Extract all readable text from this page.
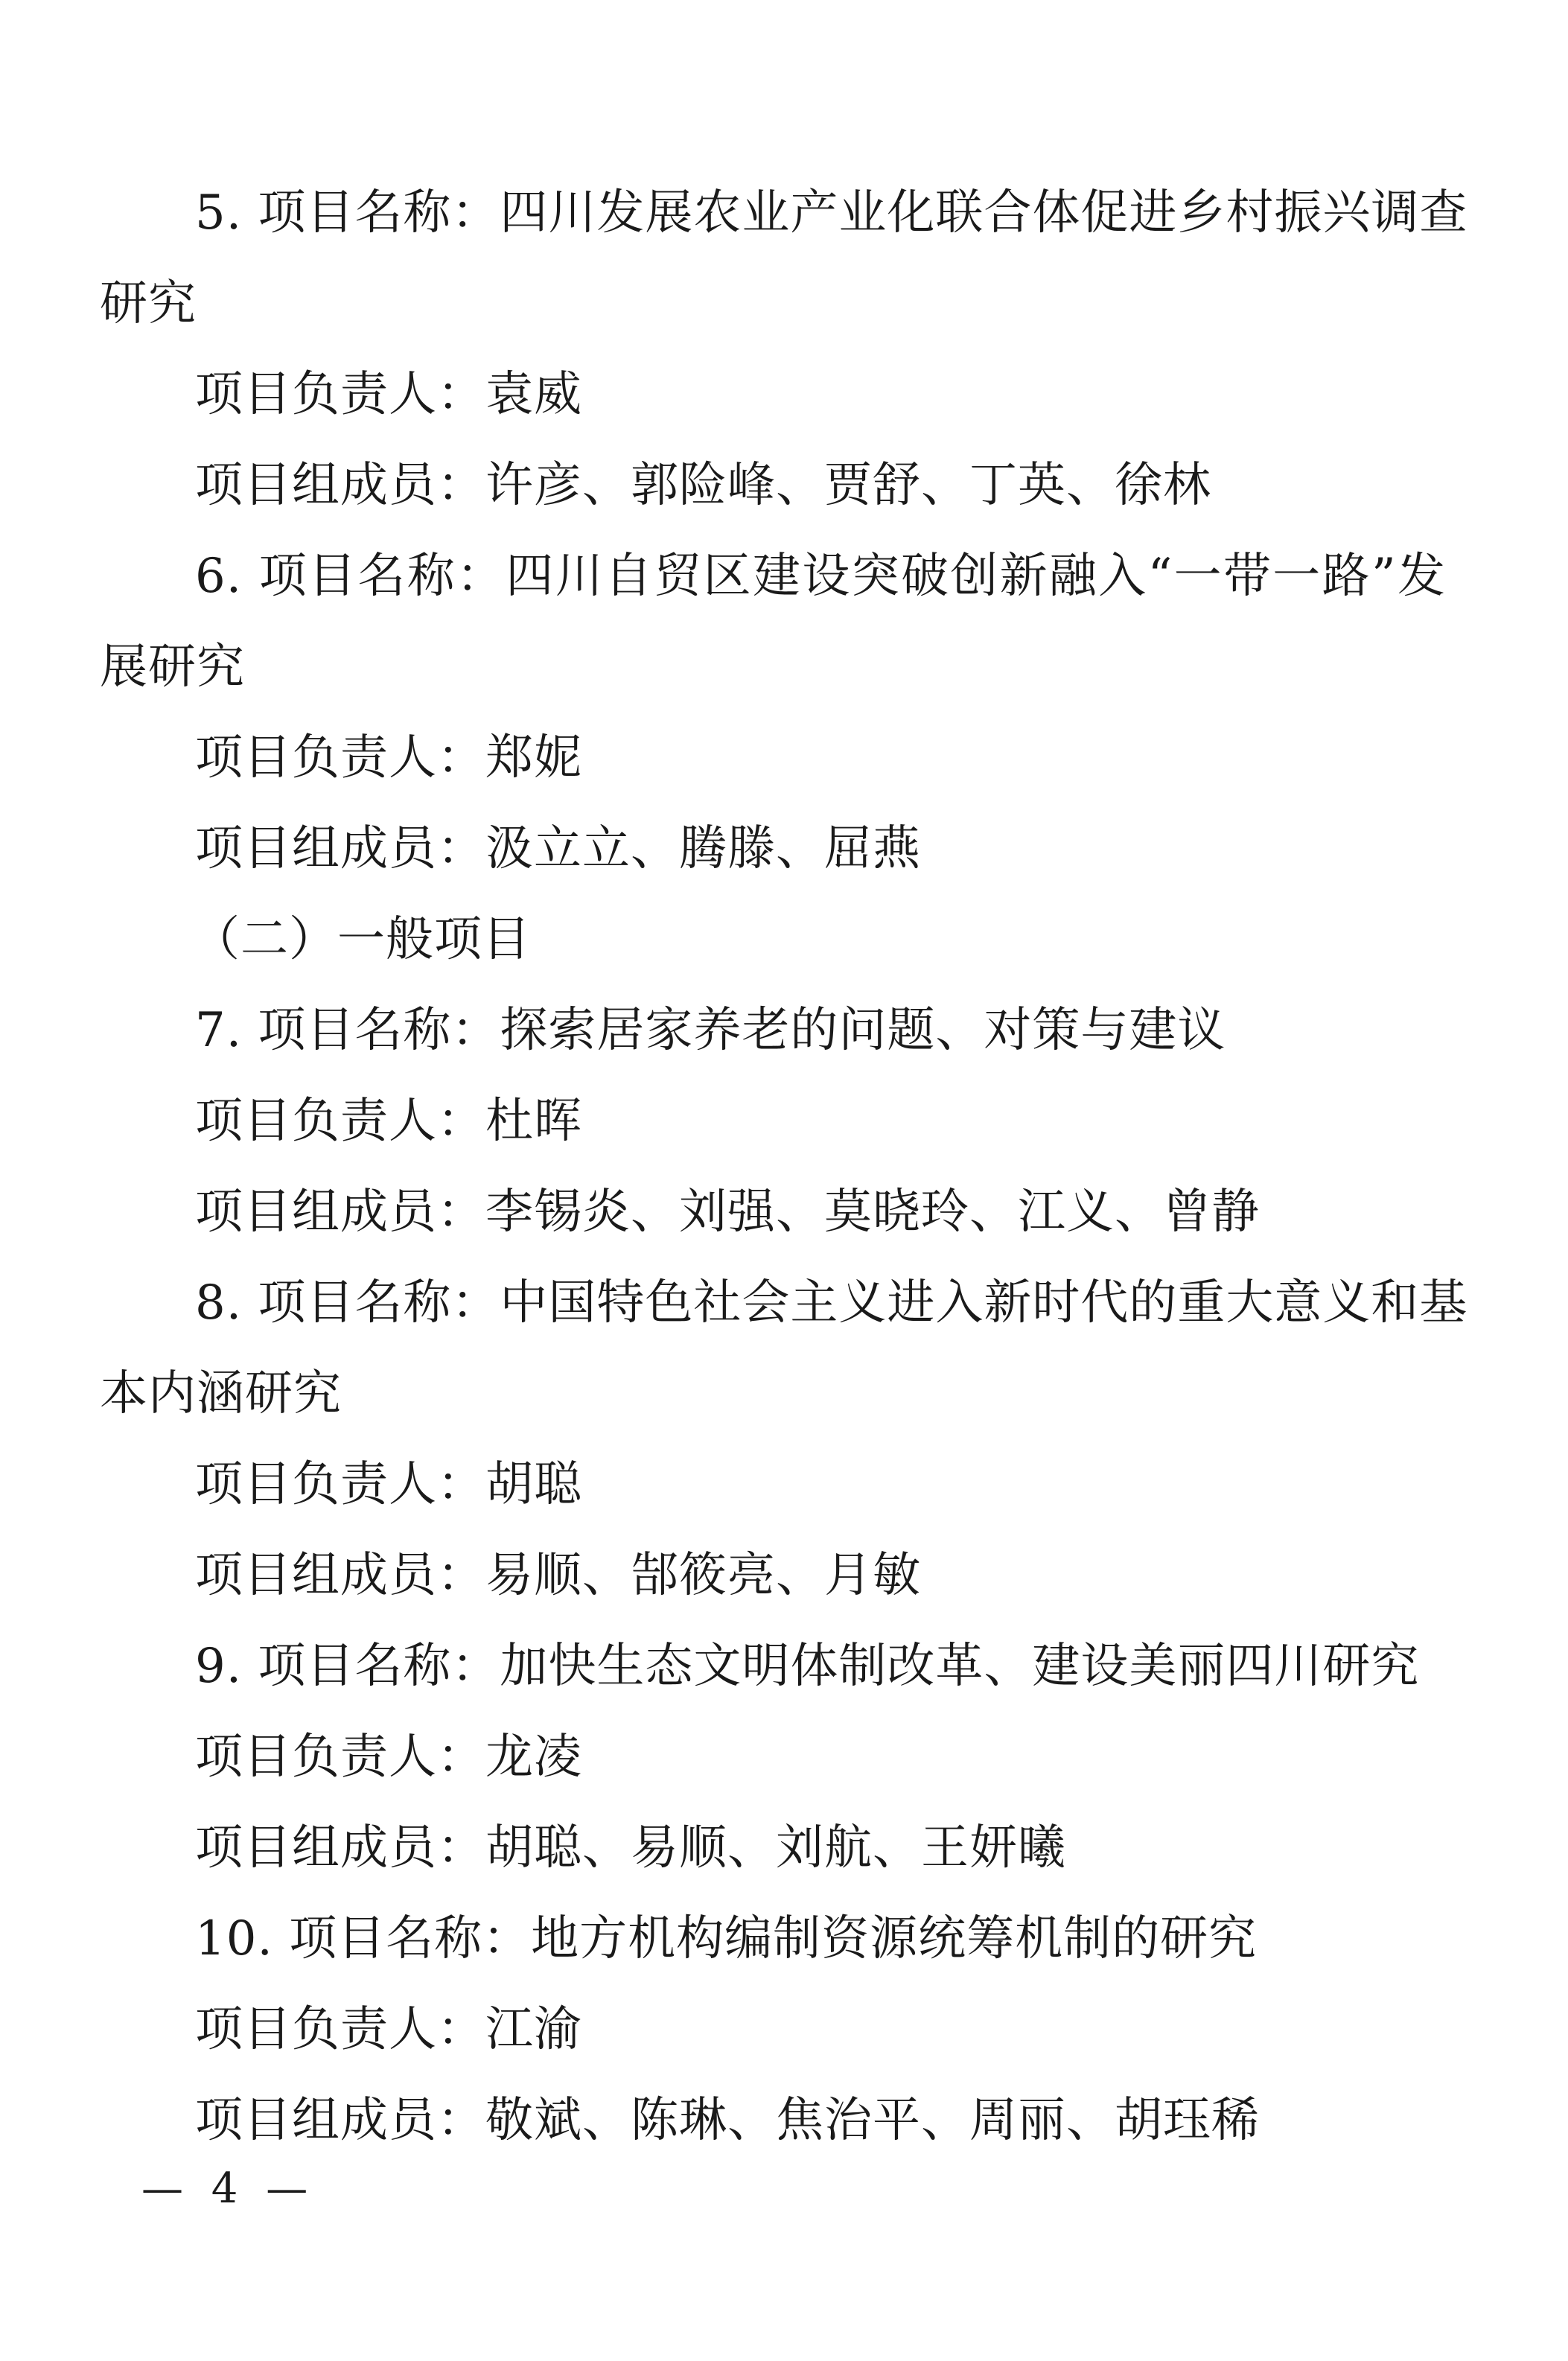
5. 项目名称：四川发展农业产业化联合体促进乡村振兴调查
研究
项目负责人：袁威
项目组成员：许彦、郭险峰、贾舒、丁英、徐林
6. 项目名称：四川自贸区建设突破创新融入“一带一路”发
展研究
项目负责人：郑妮
项目组成员：汲立立、腾滕、屈燕
（二）一般项目
7. 项目名称：探索居家养老的问题、对策与建议
项目负责人：杜晖
项目组成员：李锡炎、刘强、莫晓玲、江义、曾静
8. 项目名称：中国特色社会主义进入新时代的重大意义和基
本内涵研究
项目负责人：胡聪
项目组成员：易顺、郜筱亮、月敏
9. 项目名称：加快生态文明体制改革、建设美丽四川研究
项目负责人：龙凌
项目组成员：胡聪、易顺、刘航、王妍曦
10. 项目名称：地方机构编制资源统筹机制的研究
项目负责人：江渝
项目组成员：敬斌、陈琳、焦治平、周丽、胡珏稀
— 4 —
